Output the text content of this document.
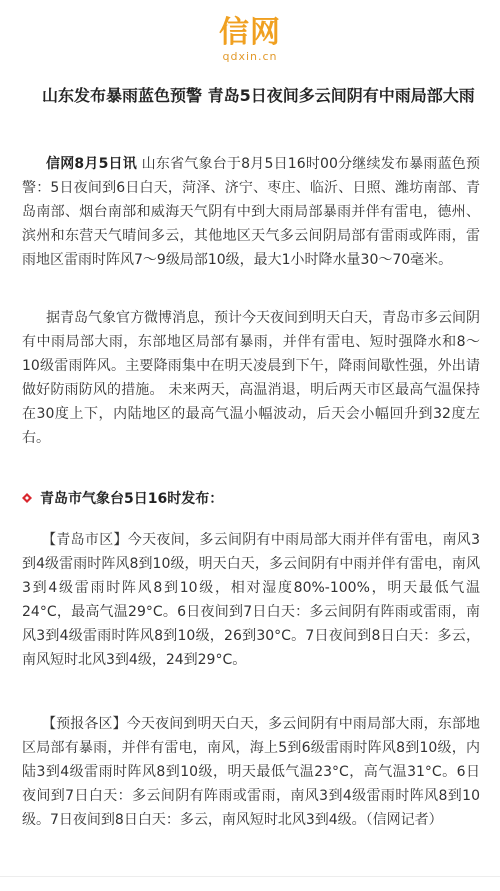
信网
qdxin.cn
山东发布暴雨蓝色预警 青岛5日夜间多云间阴有中雨局部大雨

信网8月5日讯 山东省气象台于8月5日16时00分继续发布暴雨蓝色预警：5日夜间到6日白天，菏泽、济宁、枣庄、临沂、日照、潍坊南部、青岛南部、烟台南部和威海天气阴有中到大雨局部暴雨并伴有雷电，德州、滨州和东营天气晴间多云，其他地区天气多云间阴局部有雷雨或阵雨，雷雨地区雷雨时阵风7～9级局部10级，最大1小时降水量30～70毫米。

据青岛气象官方微博消息，预计今天夜间到明天白天，青岛市多云间阴有中雨局部大雨，东部地区局部有暴雨，并伴有雷电、短时强降水和8～10级雷雨阵风。主要降雨集中在明天凌晨到下午，降雨间歇性强，外出请做好防雨防风的措施。 未来两天，高温消退，明后两天市区最高气温保持在30度上下，内陆地区的最高气温小幅波动，后天会小幅回升到32度左右。

青岛市气象台5日16时发布：

【青岛市区】今天夜间，多云间阴有中雨局部大雨并伴有雷电，南风3到4级雷雨时阵风8到10级，明天白天，多云间阴有中雨并伴有雷电，南风3到4级雷雨时阵风8到10级，相对湿度80%-100%，明天最低气温24°C，最高气温29°C。6日夜间到7日白天：多云间阴有阵雨或雷雨，南风3到4级雷雨时阵风8到10级，26到30°C。7日夜间到8日白天：多云，南风短时北风3到4级，24到29°C。

【预报各区】今天夜间到明天白天，多云间阴有中雨局部大雨，东部地区局部有暴雨，并伴有雷电，南风，海上5到6级雷雨时阵风8到10级，内陆3到4级雷雨时阵风8到10级，明天最低气温23°C，高气温31°C。6日夜间到7日白天：多云间阴有阵雨或雷雨，南风3到4级雷雨时阵风8到10级。7日夜间到8日白天：多云，南风短时北风3到4级。（信网记者）
